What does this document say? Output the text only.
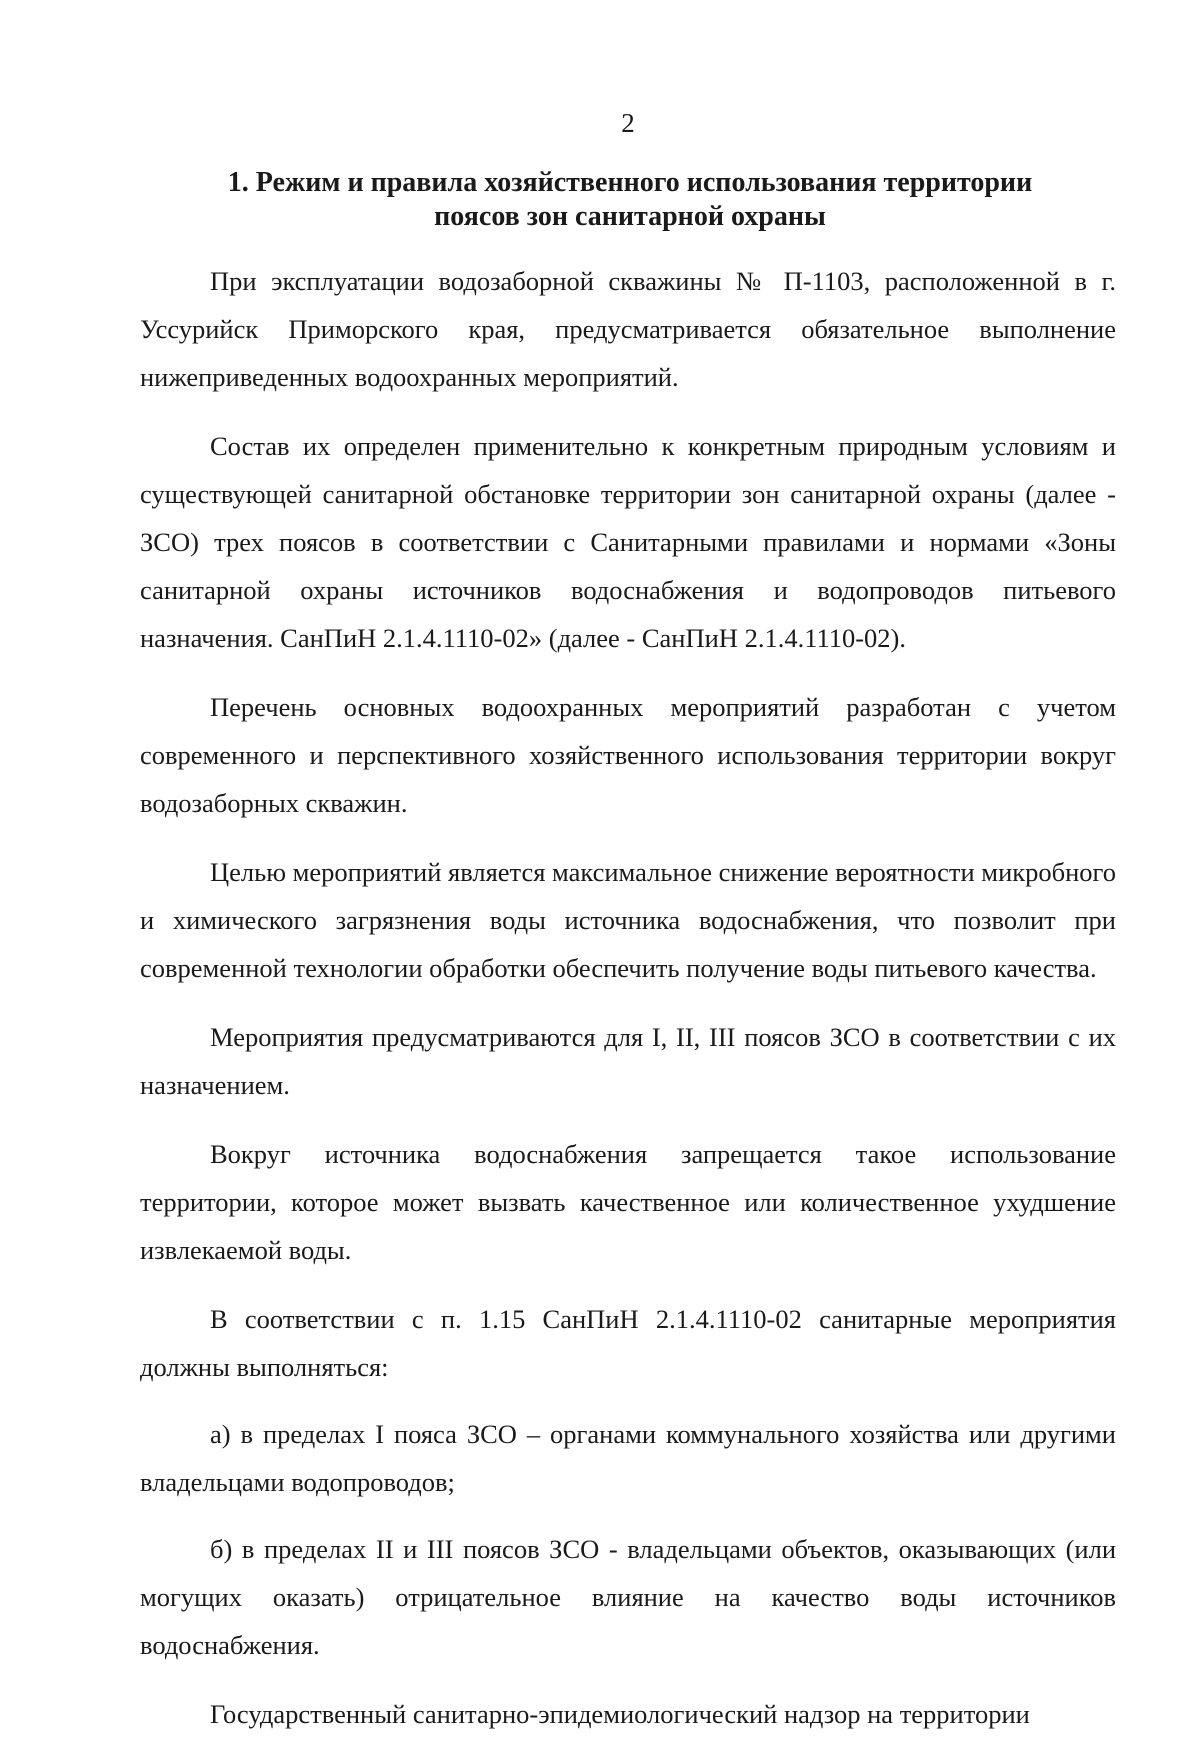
2
1. Режим и правила хозяйственного использования территории
поясов зон санитарной охраны

При эксплуатации водозаборной скважины № П-1103, расположенной в г. Уссурийск Приморского края, предусматривается обязательное выполнение нижеприведенных водоохранных мероприятий.

Состав их определен применительно к конкретным природным условиям и существующей санитарной обстановке территории зон санитарной охраны (далее - ЗСО) трех поясов в соответствии с Санитарными правилами и нормами «Зоны санитарной охраны источников водоснабжения и водопроводов питьевого назначения. СанПиН 2.1.4.1110-02» (далее - СанПиН 2.1.4.1110-02).

Перечень основных водоохранных мероприятий разработан с учетом современного и перспективного хозяйственного использования территории вокруг водозаборных скважин.

Целью мероприятий является максимальное снижение вероятности микробного и химического загрязнения воды источника водоснабжения, что позволит при современной технологии обработки обеспечить получение воды питьевого качества.

Мероприятия предусматриваются для I, II, III поясов ЗСО в соответствии с их назначением.

Вокруг источника водоснабжения запрещается такое использование территории, которое может вызвать качественное или количественное ухудшение извлекаемой воды.

В соответствии с п. 1.15 СанПиН 2.1.4.1110-02 санитарные мероприятия должны выполняться:

а) в пределах I пояса ЗСО – органами коммунального хозяйства или другими владельцами водопроводов;

б) в пределах II и III поясов ЗСО - владельцами объектов, оказывающих (или могущих оказать) отрицательное влияние на качество воды источников водоснабжения.

Государственный санитарно-эпидемиологический надзор на территории
